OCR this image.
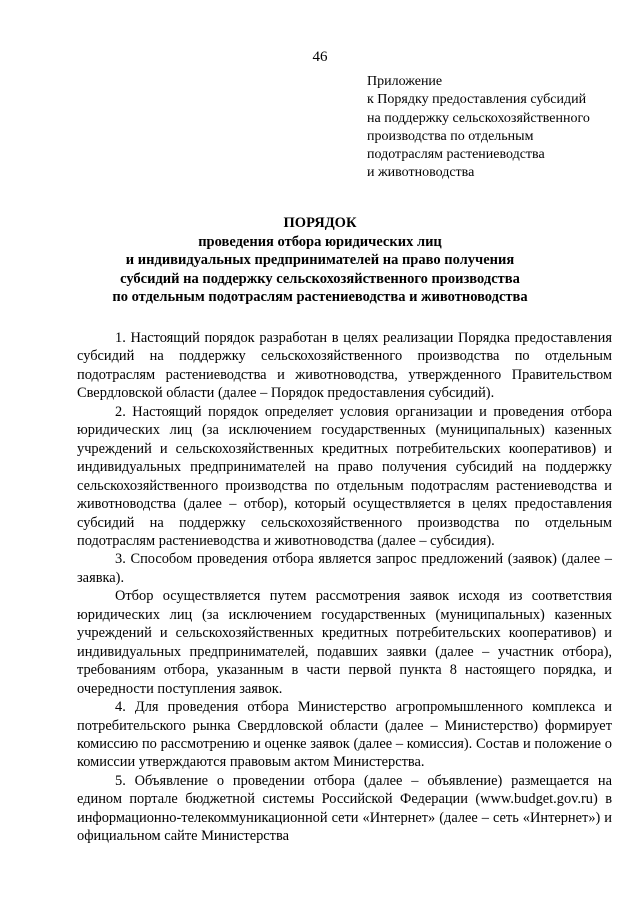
46
Приложение
к Порядку предоставления субсидий
на поддержку сельскохозяйственного
производства по отдельным
подотраслям растениеводства
и животноводства
ПОРЯДОК
проведения отбора юридических лиц
и индивидуальных предпринимателей на право получения
субсидий на поддержку сельскохозяйственного производства
по отдельным подотраслям растениеводства и животноводства

1. Настоящий порядок разработан в целях реализации Порядка предоставления субсидий на поддержку сельскохозяйственного производства по отдельным подотраслям растениеводства и животноводства, утвержденного Правительством Свердловской области (далее – Порядок предоставления субсидий).

2. Настоящий порядок определяет условия организации и проведения отбора юридических лиц (за исключением государственных (муниципальных) казенных учреждений и сельскохозяйственных кредитных потребительских кооперативов) и индивидуальных предпринимателей на право получения субсидий на поддержку сельскохозяйственного производства по отдельным подотраслям растениеводства и животноводства (далее – отбор), который осуществляется в целях предоставления субсидий на поддержку сельскохозяйственного производства по отдельным подотраслям растениеводства и животноводства (далее – субсидия).

3. Способом проведения отбора является запрос предложений (заявок) (далее – заявка).

Отбор осуществляется путем рассмотрения заявок исходя из соответствия юридических лиц (за исключением государственных (муниципальных) казенных учреждений и сельскохозяйственных кредитных потребительских кооперативов) и индивидуальных предпринимателей, подавших заявки (далее – участник отбора), требованиям отбора, указанным в части первой пункта 8 настоящего порядка, и очередности поступления заявок.

4. Для проведения отбора Министерство агропромышленного комплекса и потребительского рынка Свердловской области (далее – Министерство) формирует комиссию по рассмотрению и оценке заявок (далее – комиссия). Состав и положение о комиссии утверждаются правовым актом Министерства.

5. Объявление о проведении отбора (далее – объявление) размещается на едином портале бюджетной системы Российской Федерации (www.budget.gov.ru) в информационно-телекоммуникационной сети «Интернет» (далее – сеть «Интернет») и официальном сайте Министерства
